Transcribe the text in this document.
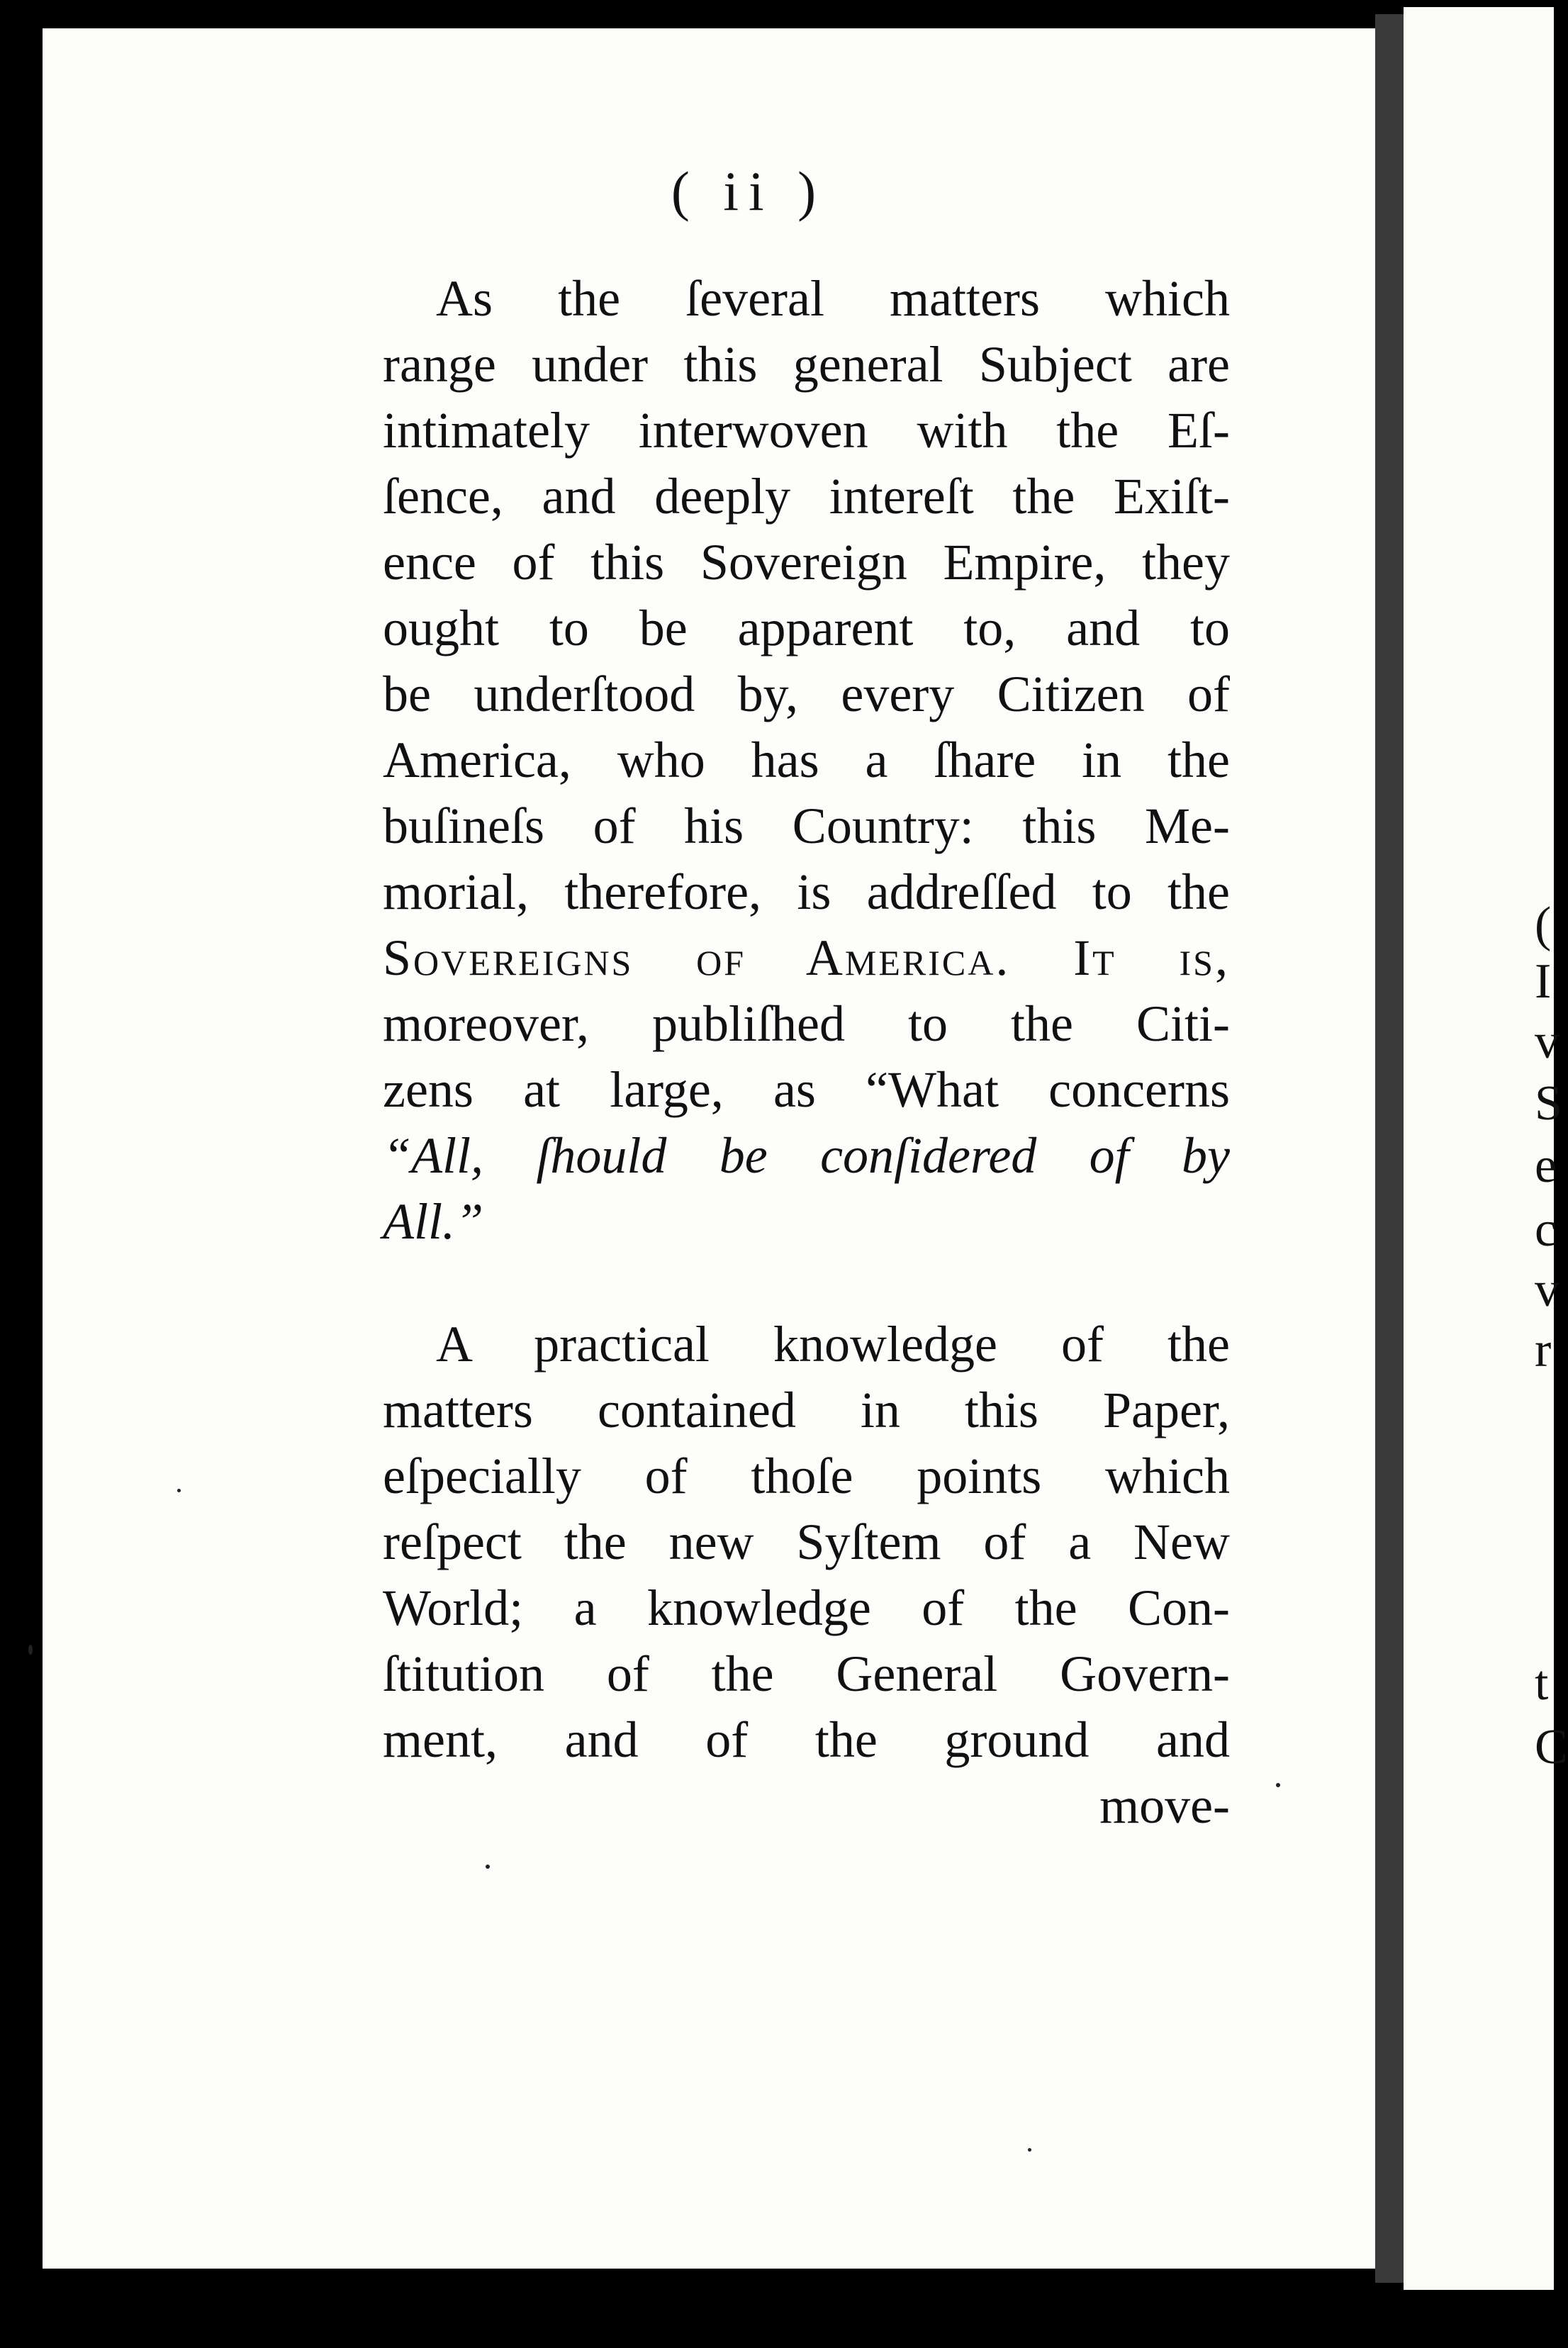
(
I
v
S
e
c
v
r
t
C
( ii )
As the ſeveral matters which
range under this general Subject are
intimately interwoven with the Eſ-
ſence, and deeply intereſt the Exiſt-
ence of this Sovereign Empire, they
ought to be apparent to, and to
be underſtood by, every Citizen of
America, who has a ſhare in the
buſineſs of his Country: this Me-
morial, therefore, is addreſſed to the
Sovereigns of America. It is,
moreover, publiſhed to the Citi-
zens at large, as “What concerns
“All, ſhould be conſidered of by
All.”
A practical knowledge of the
matters contained in this Paper,
eſpecially of thoſe points which
reſpect the new Syſtem of a New
World; a knowledge of the Con-
ſtitution of the General Govern-
ment, and of the ground and
move-
